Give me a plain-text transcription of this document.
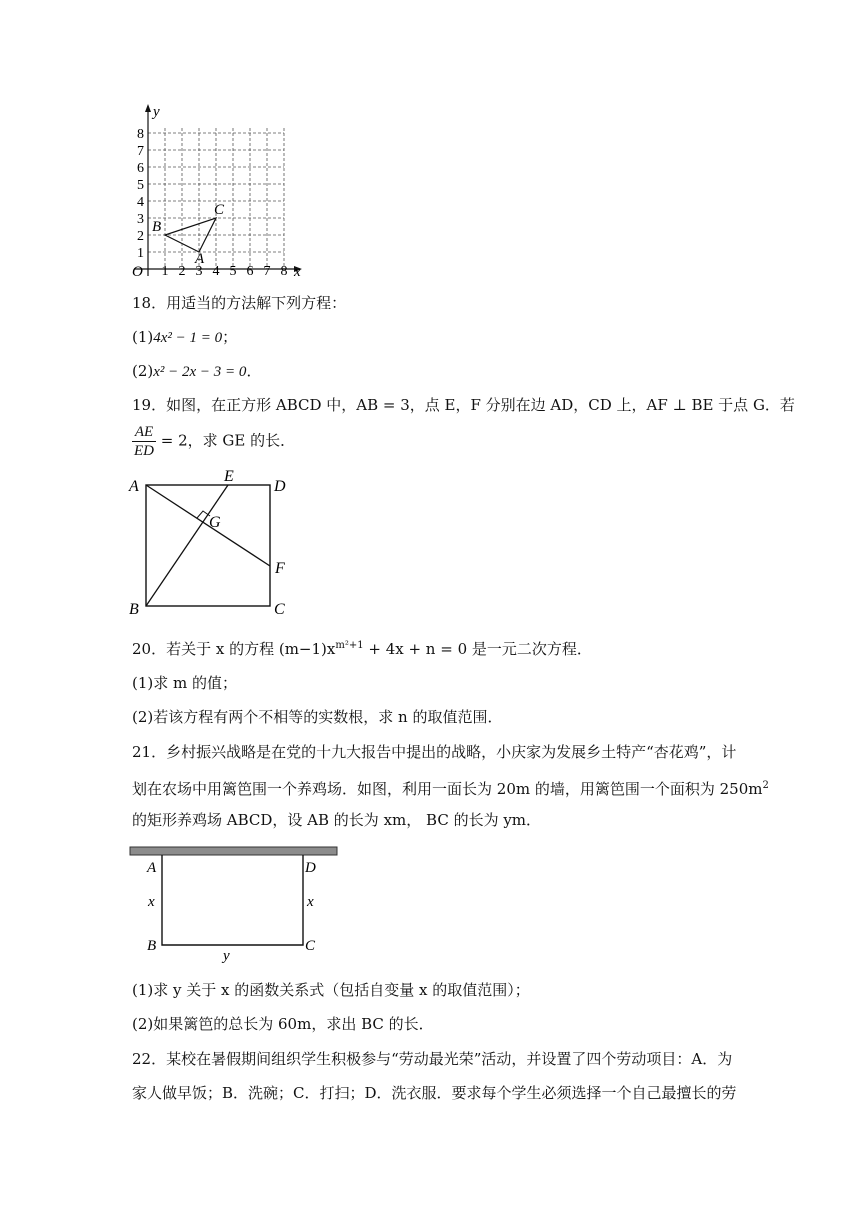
y
x
O 1 2 3 4 5 6 7 8
1
2
3
4
5
6
7
8
A
B
C
18．用适当的方法解下列方程：
(1)4x² − 1 = 0；
(2)x² − 2x − 3 = 0．
19．如图，在正方形 ABCD 中，AB = 3，点 E，F 分别在边 AD，CD 上，AF ⊥ BE 于点 G．若
$\frac{AE}{ED} = 2$，求 GE 的长．
A	D
E
G
F
B	C
20．若关于 x 的方程 $(m-1)x^{m^2+1} + 4x + n = 0$ 是一元二次方程．
(1)求 m 的值；
(2)若该方程有两个不相等的实数根，求 n 的取值范围．
21．乡村振兴战略是在党的十九大报告中提出的战略，小庆家为发展乡土特产“杏花鸡”，计
划在农场中用篱笆围一个养鸡场．如图，利用一面长为 20m 的墙，用篱笆围一个面积为 $250m^2$
的矩形养鸡场 ABCD，设 AB 的长为 xm， BC 的长为 ym．
A	D
x	x
B	C
y
(1)求 y 关于 x 的函数关系式（包括自变量 x 的取值范围）；
(2)如果篱笆的总长为 60m，求出 BC 的长．
22．某校在暑假期间组织学生积极参与“劳动最光荣”活动，并设置了四个劳动项目：A．为
家人做早饭；B．洗碗；C．打扫；D．洗衣服．要求每个学生必须选择一个自己最擅长的劳
